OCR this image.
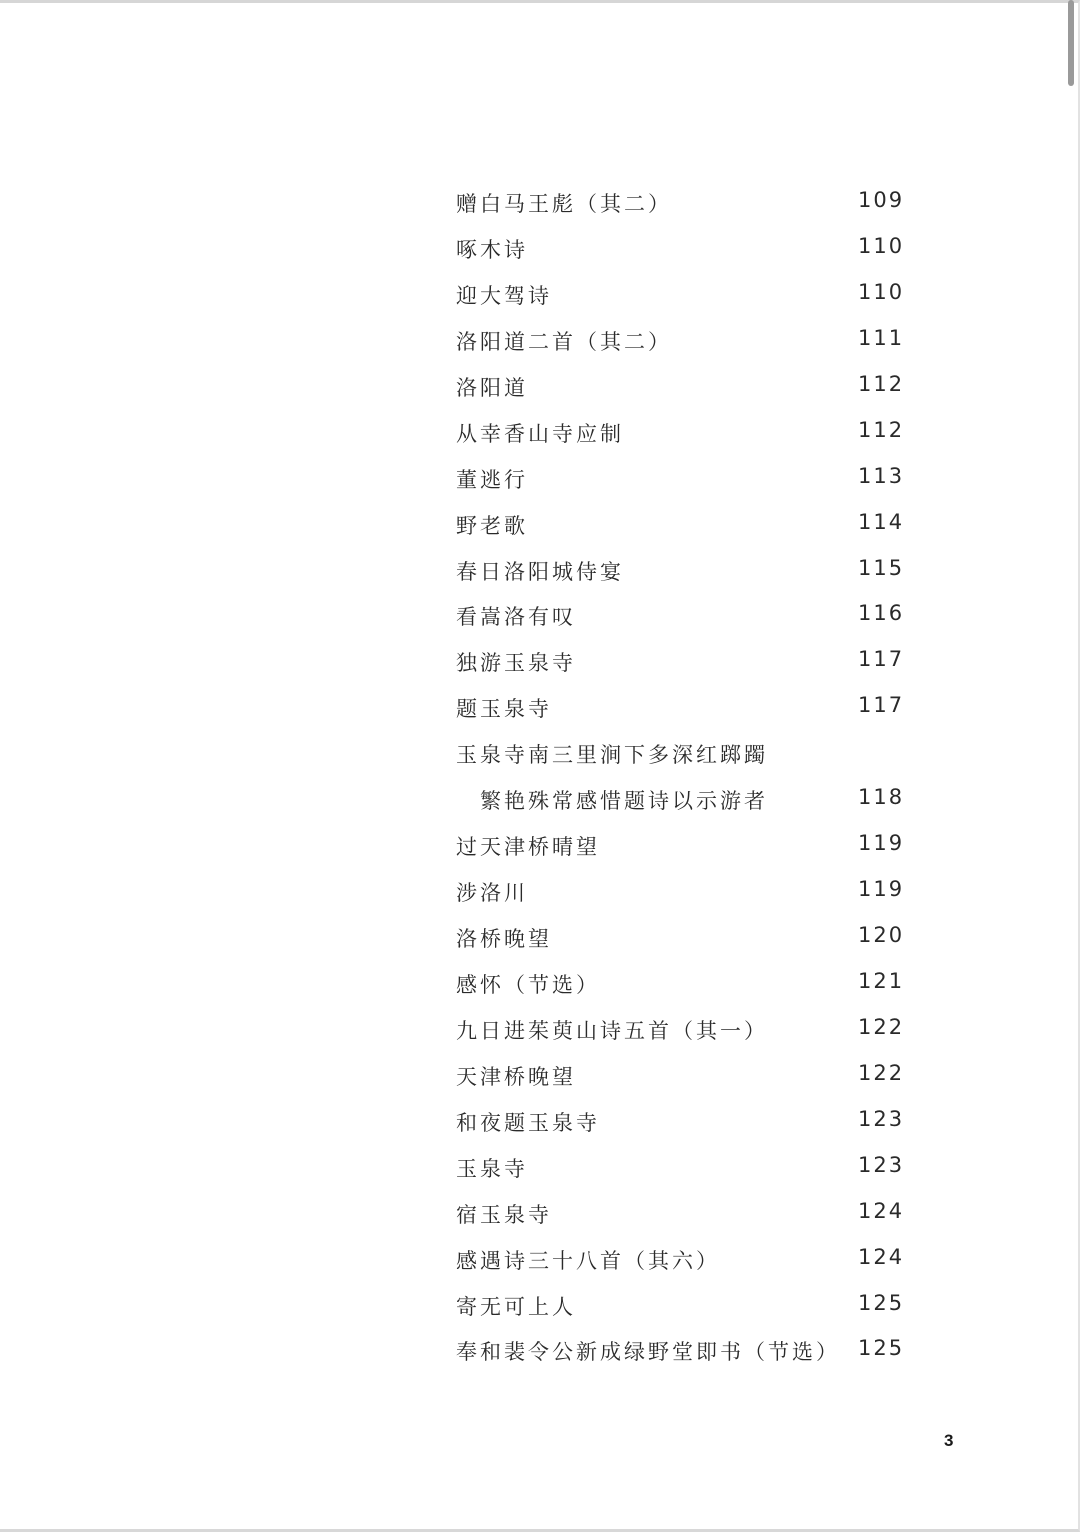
赠白马王彪（其二）	109
啄木诗	110
迎大驾诗	110
洛阳道二首（其二）	111
洛阳道	112
从幸香山寺应制	112
董逃行	113
野老歌	114
春日洛阳城侍宴	115
看嵩洛有叹	116
独游玉泉寺	117
题玉泉寺	117
玉泉寺南三里涧下多深红踯躅
繁艳殊常感惜题诗以示游者	118
过天津桥晴望	119
涉洛川	119
洛桥晚望	120
感怀（节选）	121
九日进茱萸山诗五首（其一）	122
天津桥晚望	122
和夜题玉泉寺	123
玉泉寺	123
宿玉泉寺	124
感遇诗三十八首（其六）	124
寄无可上人	125
奉和裴令公新成绿野堂即书（节选） 125
3
